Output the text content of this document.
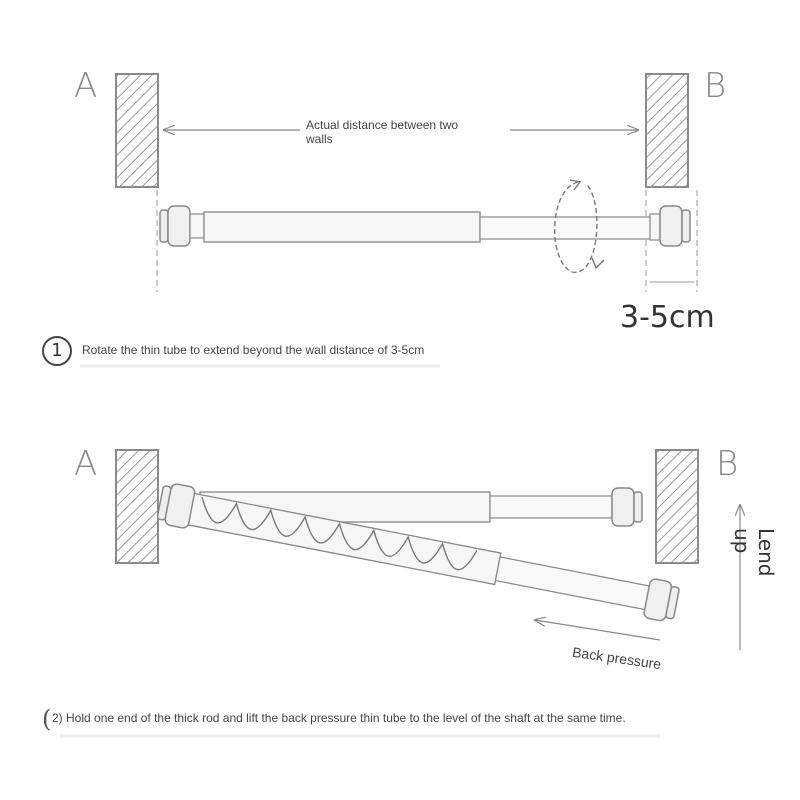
A	B
Actual distance between two walls
3-5cm
1	Rotate the thin tube to extend beyond the wall distance of 3-5cm
A	B
Lend up
Back pressure
( 2) Hold one end of the thick rod and lift the back pressure thin tube to the level of the shaft at the same time.
